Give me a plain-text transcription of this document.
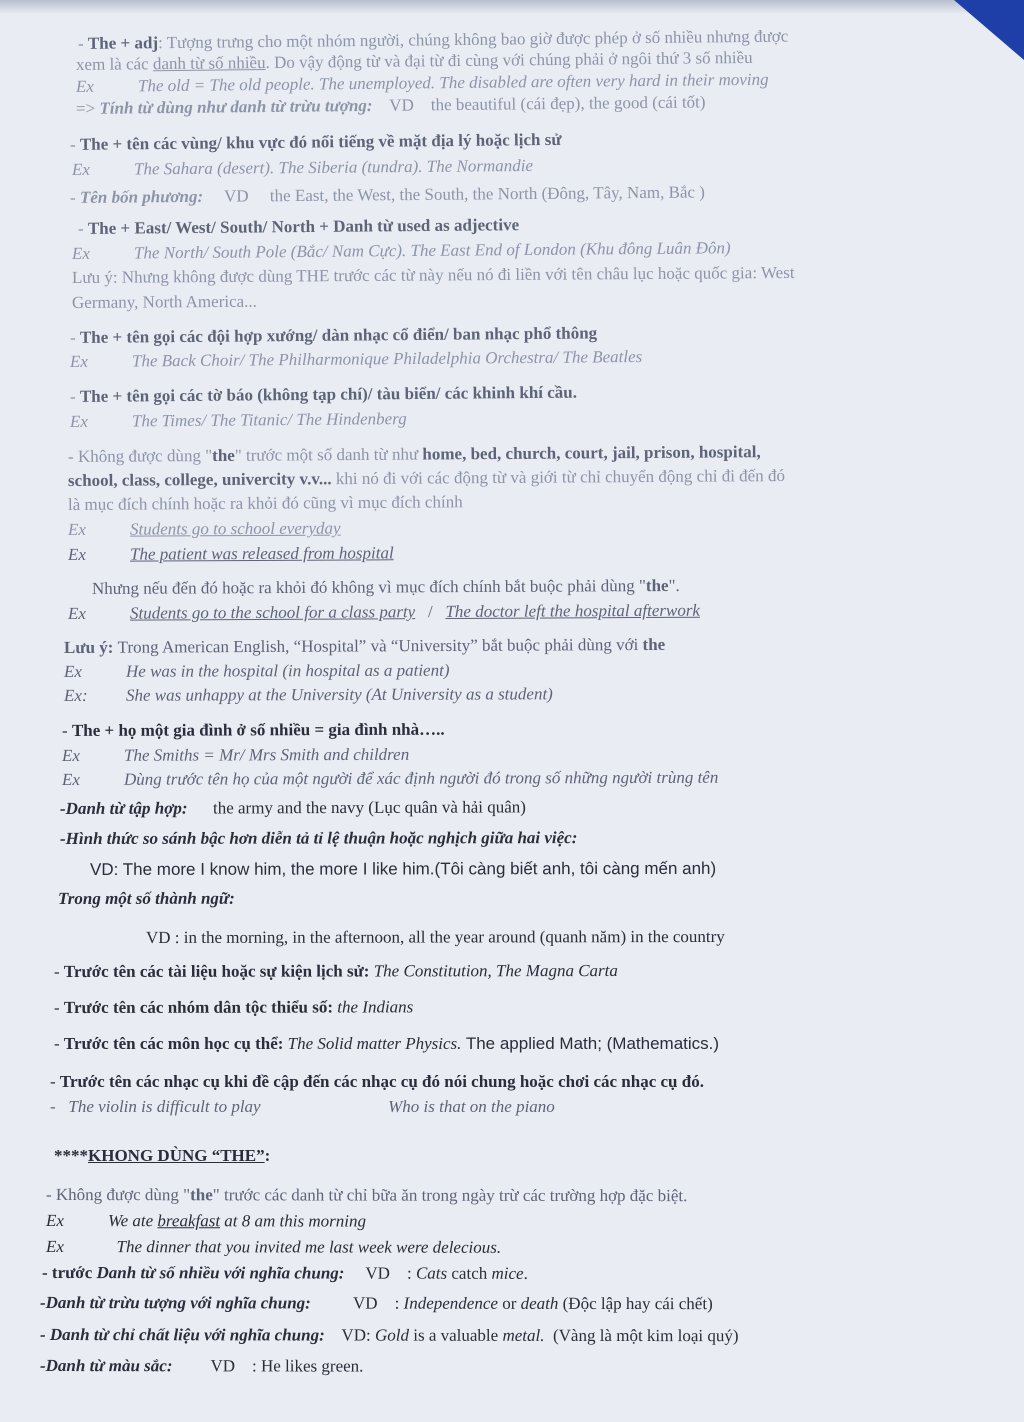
- The + adj: Tượng trưng cho một nhóm người, chúng không bao giờ được phép ở số nhiều nhưng được
xem là các danh từ số nhiều. Do vậy động từ và đại từ đi cùng với chúng phải ở ngôi thứ 3 số nhiều
Ex	The old = The old people. The unemployed. The disabled are often very hard in their moving
=> Tính từ dùng như danh từ trừu tượng:    VD    the beautiful (cái đẹp), the good (cái tốt)
- The + tên các vùng/ khu vực đó nổi tiếng về mặt địa lý hoặc lịch sử
Ex	The Sahara (desert). The Siberia (tundra). The Normandie
- Tên bốn phương:     VD     the East, the West, the South, the North (Đông, Tây, Nam, Bắc )
- The + East/ West/ South/ North + Danh từ used as adjective
Ex	The North/ South Pole (Bắc/ Nam Cực). The East End of London (Khu đông Luân Đôn)
Lưu ý: Nhưng không được dùng THE trước các từ này nếu nó đi liền với tên châu lục hoặc quốc gia: West
Germany, North America...
- The + tên gọi các đội hợp xướng/ dàn nhạc cổ điển/ ban nhạc phổ thông
Ex	The Back Choir/ The Philharmonique Philadelphia Orchestra/ The Beatles
- The + tên gọi các tờ báo (không tạp chí)/ tàu biển/ các khinh khí cầu.
Ex	The Times/ The Titanic/ The Hindenberg
- Không được dùng "the" trước một số danh từ như home, bed, church, court, jail, prison, hospital,
school, class, college, univercity v.v... khi nó đi với các động từ và giới từ chỉ chuyển động chỉ đi đến đó
là mục đích chính hoặc ra khỏi đó cũng vì mục đích chính
Ex	Students go to school everyday
Ex	The patient was released from hospital
Nhưng nếu đến đó hoặc ra khỏi đó không vì mục đích chính bắt buộc phải dùng "the".
Ex	Students go to the school for a class party   /   The doctor left the hospital afterwork
Lưu ý: Trong American English, “Hospital” và “University” bắt buộc phải dùng với the
Ex	He was in the hospital (in hospital as a patient)
Ex: She was unhappy at the University (At University as a student)
- The + họ một gia đình ở số nhiều = gia đình nhà…..
Ex	The Smiths = Mr/ Mrs Smith and children
Ex	Dùng trước tên họ của một người để xác định người đó trong số những người trùng tên
-Danh từ tập hợp:      the army and the navy (Lục quân và hải quân)
-Hình thức so sánh bậc hơn diễn tả tỉ lệ thuận hoặc nghịch giữa hai việc:
VD: The more I know him, the more I like him.(Tôi càng biết anh, tôi càng mến anh)
Trong một số thành ngữ:
VD : in the morning, in the afternoon, all the year around (quanh năm) in the country
- Trước tên các tài liệu hoặc sự kiện lịch sử: The Constitution, The Magna Carta
- Trước tên các nhóm dân tộc thiểu số: the Indians
- Trước tên các môn học cụ thể: The Solid matter Physics. The applied Math; (Mathematics.)
- Trước tên các nhạc cụ khi đề cập đến các nhạc cụ đó nói chung hoặc chơi các nhạc cụ đó.
-   The violin is difficult to play	Who is that on the piano
****KHONG DÙNG “THE”:
- Không được dùng "the" trước các danh từ chỉ bữa ăn trong ngày trừ các trường hợp đặc biệt.
Ex	We ate breakfast at 8 am this morning
Ex	The dinner that you invited me last week were delecious.
- trước Danh từ số nhiều với nghĩa chung:     VD    : Cats catch mice.
-Danh từ trừu tượng với nghĩa chung:          VD    : Independence or death (Độc lập hay cái chết)
- Danh từ chỉ chất liệu với nghĩa chung:    VD: Gold is a valuable metal.  (Vàng là một kim loại quý)
-Danh từ màu sắc:         VD    : He likes green.
